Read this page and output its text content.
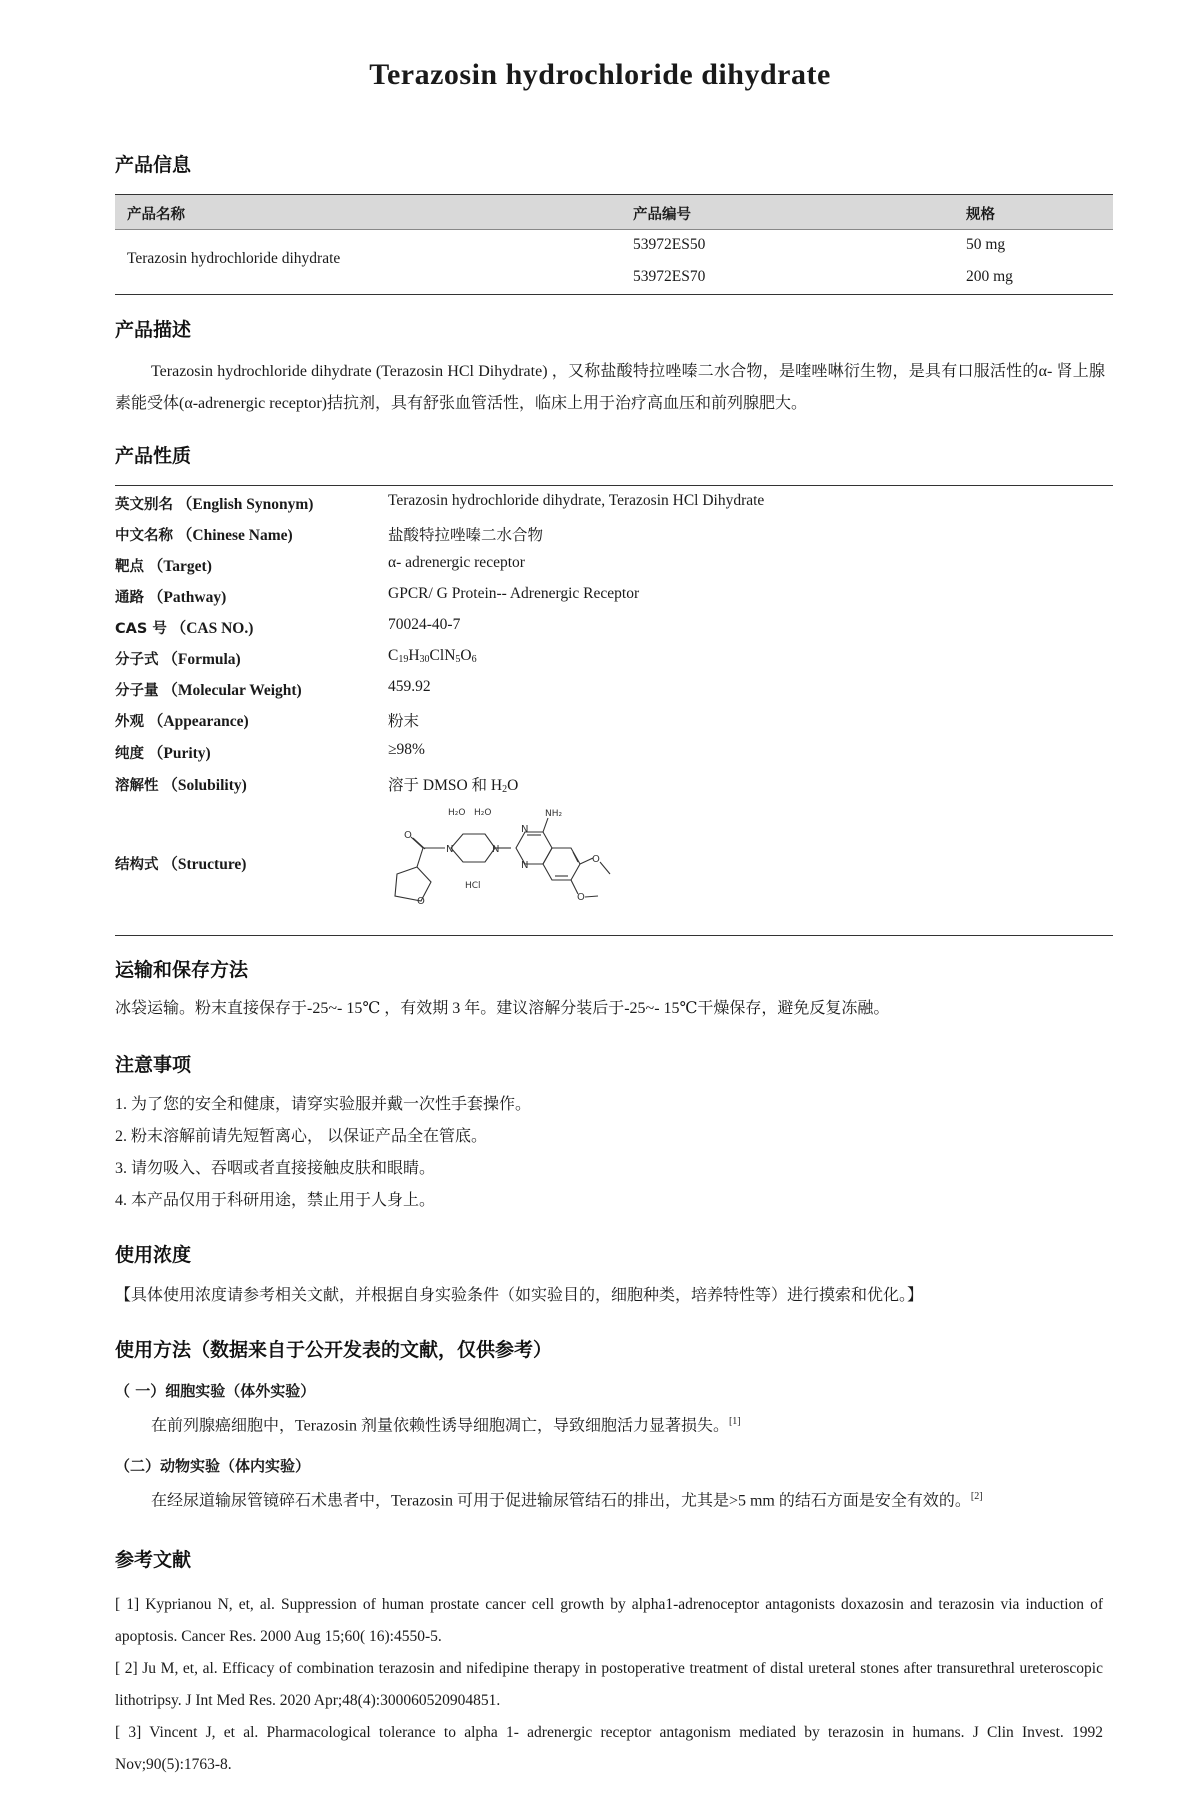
Terazosin hydrochloride dihydrate
产品信息
产品名称	产品编号	规格
Terazosin hydrochloride dihydrate
53972ES50	50 mg
53972ES70	200 mg
产品描述
Terazosin hydrochloride dihydrate (Terazosin HCl Dihydrate) ，又称盐酸特拉唑嗪二水合物，是喹唑啉衍生物，是具有口服活性的α- 肾上腺素能受体(α-adrenergic receptor)拮抗剂，具有舒张血管活性，临床上用于治疗高血压和前列腺肥大。
产品性质
英文别名 （English Synonym)	Terazosin hydrochloride dihydrate, Terazosin HCl Dihydrate
中文名称 （Chinese Name)	盐酸特拉唑嗪二水合物
靶点 （Target)	α- adrenergic receptor
通路 （Pathway)	GPCR/ G Protein-- Adrenergic Receptor
CAS 号 （CAS NO.)	70024-40-7
分子式 （Formula)	$C_{19}H_{30}ClN_5O_6$
分子量 （Molecular Weight)	459.92
外观 （Appearance)	粉末
纯度 （Purity)	≥98%
溶解性 （Solubility)	溶于 DMSO 和 $H_2O$
结构式 （Structure)
N	N
N
N
O
O
O
O
H₂O H₂O	NH₂
HCl
运输和保存方法
冰袋运输。粉末直接保存于-25~- 15℃ ，有效期 3 年。建议溶解分装后于-25~- 15℃干燥保存，避免反复冻融。
注意事项
1. 为了您的安全和健康，请穿实验服并戴一次性手套操作。
2. 粉末溶解前请先短暂离心， 以保证产品全在管底。
3. 请勿吸入、吞咽或者直接接触皮肤和眼睛。
4. 本产品仅用于科研用途，禁止用于人身上。
使用浓度
【具体使用浓度请参考相关文献，并根据自身实验条件（如实验目的，细胞种类，培养特性等）进行摸索和优化。】
使用方法（数据来自于公开发表的文献，仅供参考）
（ 一）细胞实验（体外实验）
在前列腺癌细胞中，Terazosin 剂量依赖性诱导细胞凋亡，导致细胞活力显著损失。[1]
（二）动物实验（体内实验）
在经尿道输尿管镜碎石术患者中，Terazosin 可用于促进输尿管结石的排出，尤其是>5 mm 的结石方面是安全有效的。[2]
参考文献

[ 1] Kyprianou N, et, al. Suppression of human prostate cancer cell growth by alpha1-adrenoceptor antagonists doxazosin and terazosin via induction of apoptosis. Cancer Res. 2000 Aug 15;60( 16):4550-5.

[ 2] Ju M, et, al. Efficacy of combination terazosin and nifedipine therapy in postoperative treatment of distal ureteral stones after transurethral ureteroscopic lithotripsy. J Int Med Res. 2020 Apr;48(4):300060520904851.

[ 3] Vincent J, et al. Pharmacological tolerance to alpha 1- adrenergic receptor antagonism mediated by terazosin in humans. J Clin Invest. 1992 Nov;90(5):1763-8.
